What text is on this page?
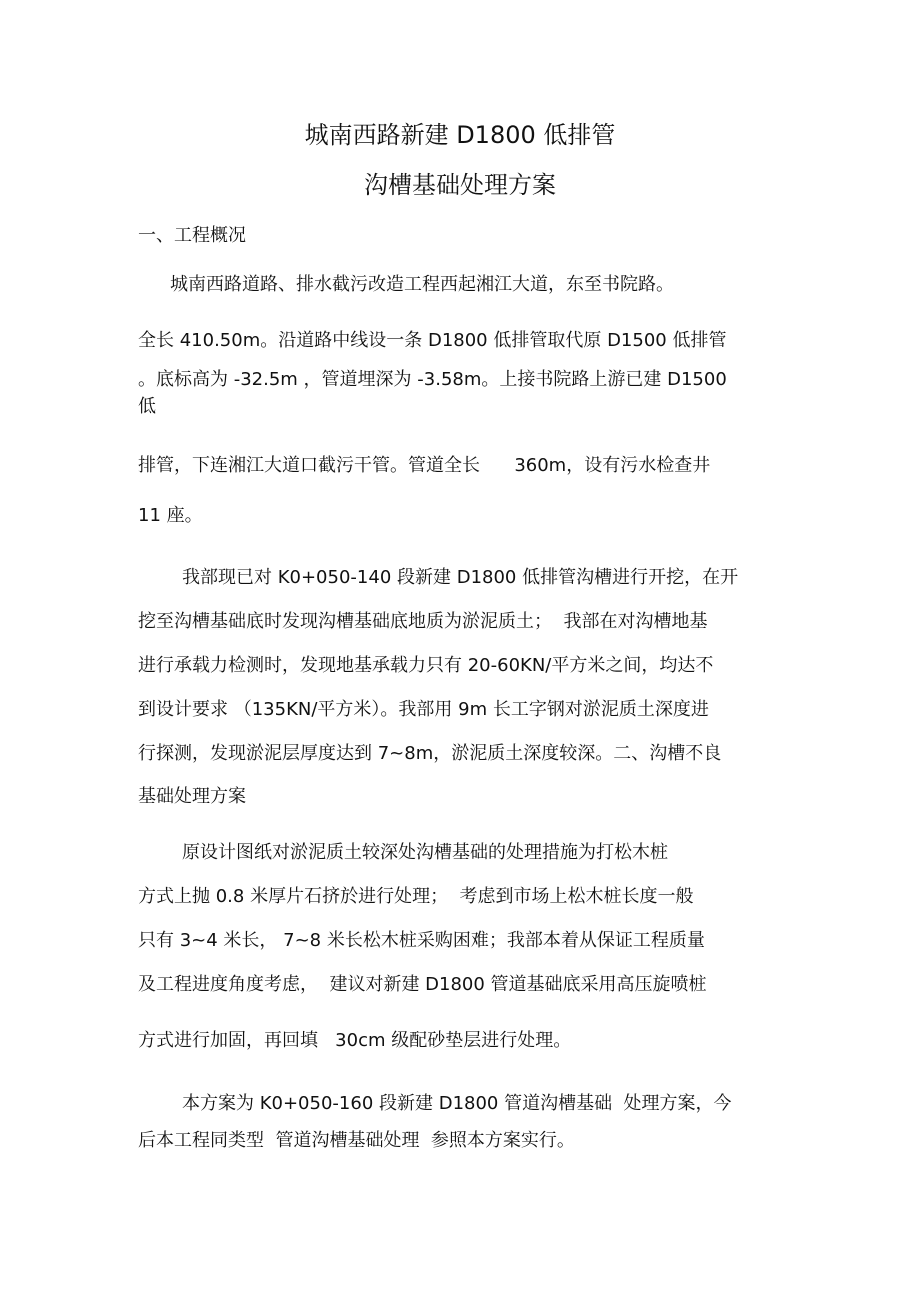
城南西路新建 D1800 低排管
沟槽基础处理方案
一、工程概况
城南西路道路、排水截污改造工程西起湘江大道，东至书院路。
全长 410.50m。沿道路中线设一条 D1800 低排管取代原 D1500 低排管
。底标高为 -32.5m ，管道埋深为 -3.58m。上接书院路上游已建 D1500
低
排管，下连湘江大道口截污干管。管道全长      360m，设有污水检查井
11 座。
我部现已对 K0+050-140 段新建 D1800 低排管沟槽进行开挖，在开
挖至沟槽基础底时发现沟槽基础底地质为淤泥质土；  我部在对沟槽地基
进行承载力检测时，发现地基承载力只有 20-60KN/平方米之间，均达不
到设计要求 （135KN/平方米）。我部用 9m 长工字钢对淤泥质土深度进
行探测，发现淤泥层厚度达到 7~8m，淤泥质土深度较深。二、沟槽不良
基础处理方案
原设计图纸对淤泥质土较深处沟槽基础的处理措施为打松木桩
方式上抛 0.8 米厚片石挤於进行处理；  考虑到市场上松木桩长度一般
只有 3~4 米长， 7~8 米长松木桩采购困难；我部本着从保证工程质量
及工程进度角度考虑，  建议对新建 D1800 管道基础底采用高压旋喷桩
方式进行加固，再回填   30cm 级配砂垫层进行处理。
本方案为 K0+050-160 段新建 D1800 管道沟槽基础  处理方案，今
后本工程同类型  管道沟槽基础处理  参照本方案实行。
